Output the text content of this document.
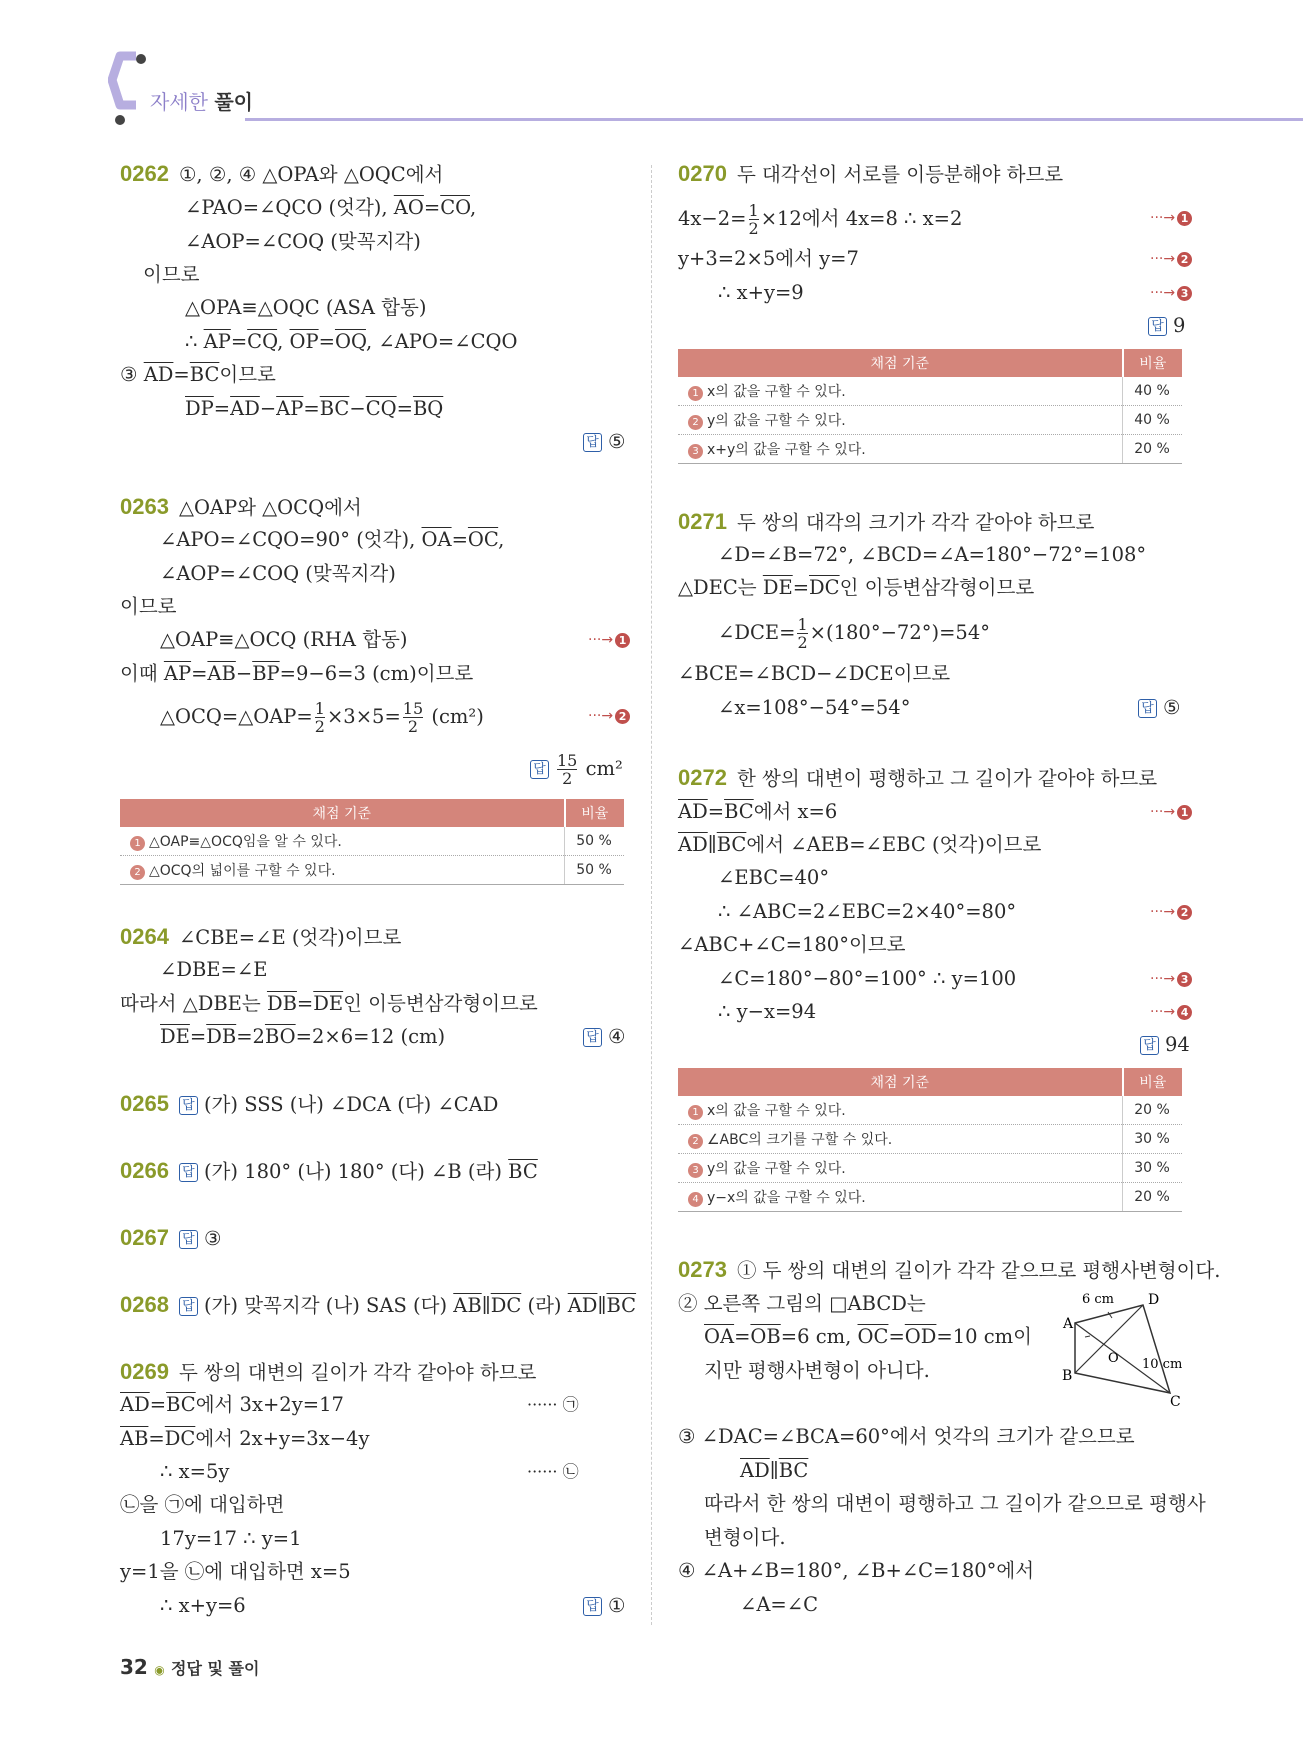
자세한 풀이
0262 ①, ②, ④ △OPA와 △OQC에서
∠PAO=∠QCO (엇각), $\overline{AO}=\overline{CO}$,
∠AOP=∠COQ (맞꼭지각)
이므로
△OPA≡△OQC (ASA 합동)
∴ $\overline{AP}=\overline{CQ}$, $\overline{OP}=\overline{OQ}$, ∠APO=∠CQO
③ $\overline{AD}=\overline{BC}$이므로
$\overline{DP}=\overline{AD}-\overline{AP}=\overline{BC}-\overline{CQ}=\overline{BQ}$
답 ⑤
0263 △OAP와 △OCQ에서
∠APO=∠CQO=90° (엇각), $\overline{OA}=\overline{OC}$,
∠AOP=∠COQ (맞꼭지각)
이므로
△OAP≡△OCQ (RHA 합동)	···→ 1
이때 $\overline{AP}=\overline{AB}-\overline{BP}=9-6=3$ (cm)이므로
△OCQ=△OAP= $\frac{1}{2} \times 3\times 5= \frac{15}{2} (cm^2)$	···→ 2
답 $\frac{15}{2} cm^2$
채점 기준	비율
1 △OAP≡△OCQ임을 알 수 있다.	50 %
2 △OCQ의 넓이를 구할 수 있다.	50 %
0264 ∠CBE=∠E (엇각)이므로
∠DBE=∠E
따라서 △DBE는 $\overline{DB}=\overline{DE}$인 이등변삼각형이므로
$\overline{DE}=\overline{DB}=2\overline{BO}=2\times 6=12$ (cm)	답 ④
0265 답 (가) SSS (나) ∠DCA (다) ∠CAD
0266 답 (가) 180° (나) 180° (다) ∠B (라) $\overline{BC}$
0267 답 ③
0268 답 (가) 맞꼭지각 (나) SAS (다) $\overline{AB}\parallel\overline{DC}$ (라) $\overline{AD}\parallel\overline{BC}$
0269 두 쌍의 대변의 길이가 각각 같아야 하므로
$\overline{AD}=\overline{BC}$에서 3x+2y=17	······ ㉠
$\overline{AB}=\overline{DC}$에서 2x+y=3x−4y
∴ x=5y	······ ㉡
㉡을 ㉠에 대입하면
17y=17 ∴ y=1
y=1을 ㉡에 대입하면 x=5
∴ x+y=6	답 ①
0270 두 대각선이 서로를 이등분해야 하므로
$4x-2= \frac{1}{2} \times 12$에서 4x=8 ∴ x=2	···→ 1
y+3=2×5에서 y=7	···→ 2
∴ x+y=9	···→ 3
답 9
채점 기준	비율
1 x의 값을 구할 수 있다.	40 %
2 y의 값을 구할 수 있다.	40 %
3 x+y의 값을 구할 수 있다.	20 %
0271 두 쌍의 대각의 크기가 각각 같아야 하므로
∠D=∠B=72°, ∠BCD=∠A=180°−72°=108°
△DEC는 $\overline{DE}=\overline{DC}$인 이등변삼각형이므로
∠DCE= $\frac{1}{2} \times(180^\circ-72^\circ)=54^\circ$
∠BCE=∠BCD−∠DCE이므로
∠x=108°−54°=54°	답 ⑤
0272 한 쌍의 대변이 평행하고 그 길이가 같아야 하므로
$\overline{AD}=\overline{BC}$에서 x=6	···→ 1
$\overline{AD}\parallel\overline{BC}$에서 ∠AEB=∠EBC (엇각)이므로
∠EBC=40°
∴ ∠ABC=2∠EBC=2×40°=80°	···→ 2
∠ABC+∠C=180°이므로
∠C=180°−80°=100° ∴ y=100	···→ 3
∴ y−x=94	···→ 4
답 94
채점 기준	비율
1 x의 값을 구할 수 있다.	20 %
2 ∠ABC의 크기를 구할 수 있다.	30 %
3 y의 값을 구할 수 있다.	30 %
4 y−x의 값을 구할 수 있다.	20 %
0273 ① 두 쌍의 대변의 길이가 각각 같으므로 평행사변형이다.
② 오른쪽 그림의 □ABCD는
$\overline{OA}=\overline{OB}=6$ cm, $\overline{OC}=\overline{OD}=10$ cm이
지만 평행사변형이 아니다.
A
D
B
C
O
6 cm
10 cm
③ ∠DAC=∠BCA=60°에서 엇각의 크기가 같으므로
$\overline{AD}\parallel\overline{BC}$
따라서 한 쌍의 대변이 평행하고 그 길이가 같으므로 평행사
변형이다.
④ ∠A+∠B=180°, ∠B+∠C=180°에서
∠A=∠C
32 ◉ 정답 및 풀이
